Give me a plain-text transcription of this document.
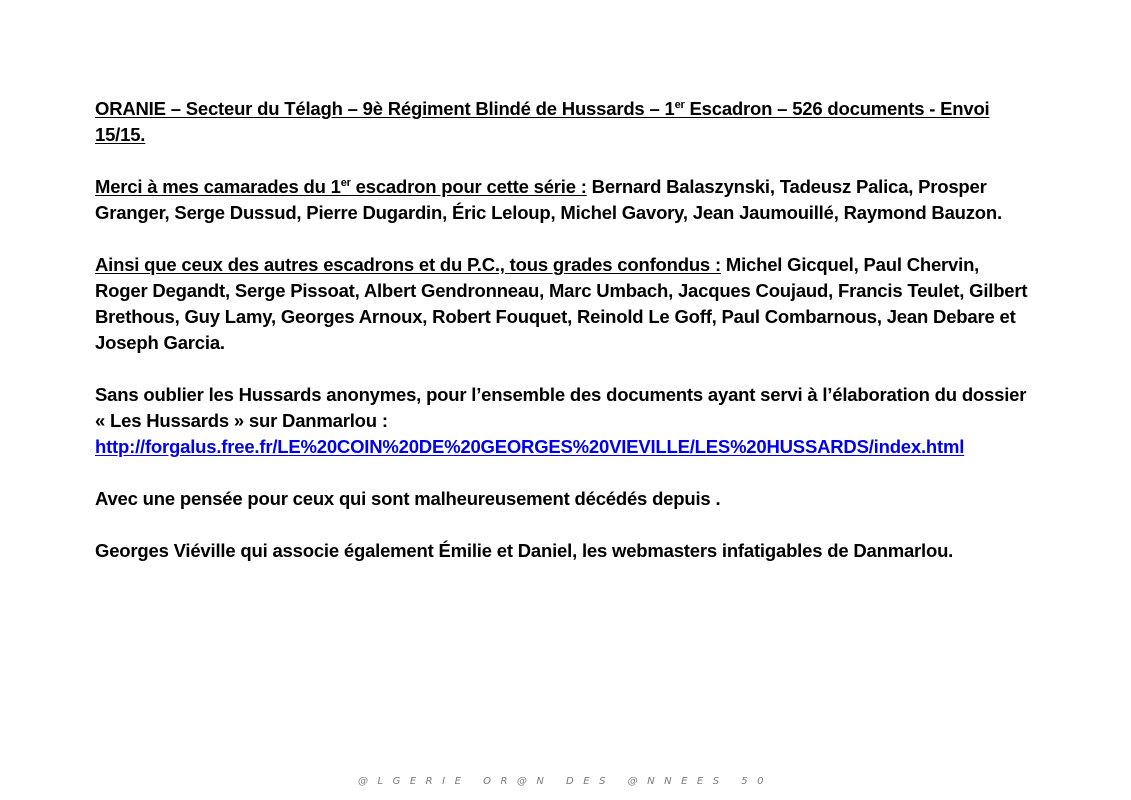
ORANIE – Secteur du Télagh – 9è Régiment Blindé de Hussards – 1er Escadron – 526 documents - Envoi 15/15.

Merci à mes camarades du 1er escadron pour cette série : Bernard Balaszynski, Tadeusz Palica, Prosper Granger, Serge Dussud, Pierre Dugardin, Éric Leloup, Michel Gavory, Jean Jaumouillé, Raymond Bauzon.

Ainsi que ceux des autres escadrons et du P.C., tous grades confondus : Michel Gicquel, Paul Chervin, Roger Degandt, Serge Pissoat, Albert Gendronneau, Marc Umbach, Jacques Coujaud, Francis Teulet, Gilbert Brethous, Guy Lamy, Georges Arnoux, Robert Fouquet, Reinold Le Goff, Paul Combarnous, Jean Debare et Joseph Garcia.

Sans oublier les Hussards anonymes, pour l’ensemble des documents ayant servi à l’élaboration du dossier « Les Hussards » sur Danmarlou :
http://forgalus.free.fr/LE%20COIN%20DE%20GEORGES%20VIEVILLE/LES%20HUSSARDS/index.html

Avec une pensée pour ceux qui sont malheureusement décédés depuis .

Georges Viéville qui associe également Émilie et Daniel, les webmasters infatigables de Danmarlou.

@LGERIE OR@N DES @NNEES 50
